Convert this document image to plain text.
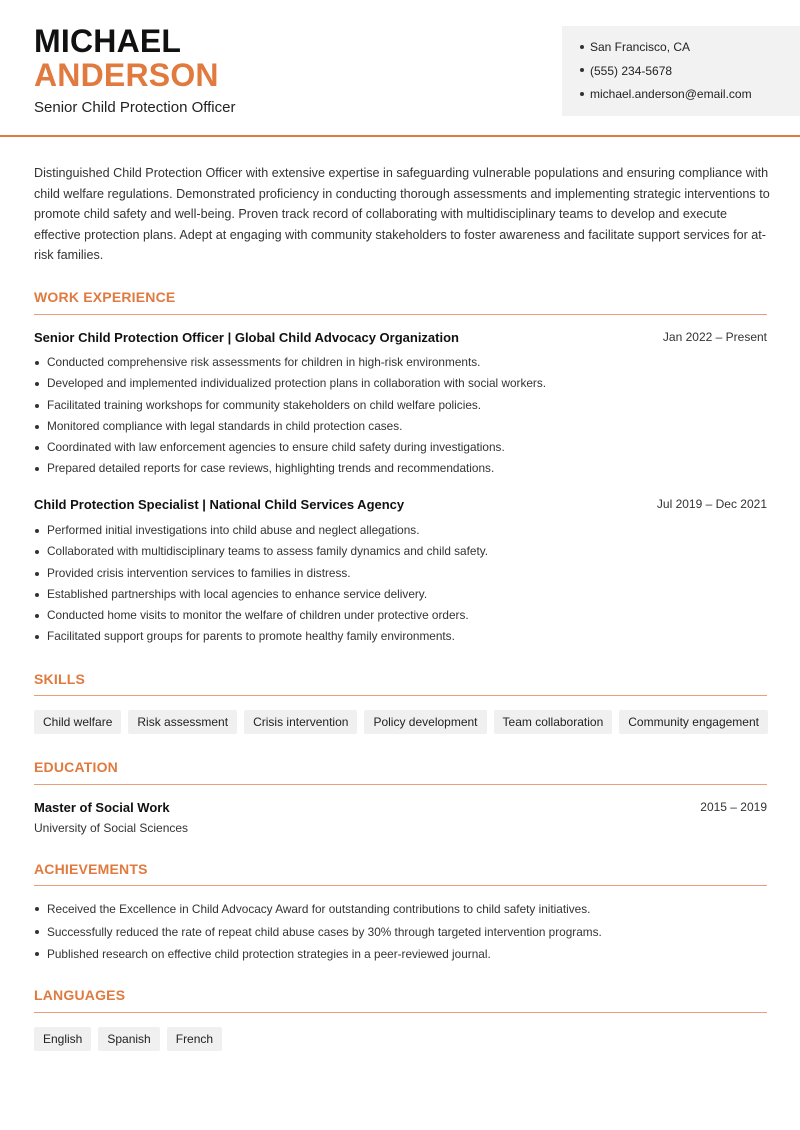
MICHAEL
ANDERSON
Senior Child Protection Officer
San Francisco, CA
(555) 234-5678
michael.anderson@email.com
Distinguished Child Protection Officer with extensive expertise in safeguarding vulnerable populations and ensuring compliance with child welfare regulations. Demonstrated proficiency in conducting thorough assessments and implementing strategic interventions to promote child safety and well-being. Proven track record of collaborating with multidisciplinary teams to develop and execute effective protection plans. Adept at engaging with community stakeholders to foster awareness and facilitate support services for at-risk families.
WORK EXPERIENCE
Senior Child Protection Officer | Global Child Advocacy Organization	Jan 2022 – Present
Conducted comprehensive risk assessments for children in high-risk environments.
Developed and implemented individualized protection plans in collaboration with social workers.
Facilitated training workshops for community stakeholders on child welfare policies.
Monitored compliance with legal standards in child protection cases.
Coordinated with law enforcement agencies to ensure child safety during investigations.
Prepared detailed reports for case reviews, highlighting trends and recommendations.
Child Protection Specialist | National Child Services Agency	Jul 2019 – Dec 2021
Performed initial investigations into child abuse and neglect allegations.
Collaborated with multidisciplinary teams to assess family dynamics and child safety.
Provided crisis intervention services to families in distress.
Established partnerships with local agencies to enhance service delivery.
Conducted home visits to monitor the welfare of children under protective orders.
Facilitated support groups for parents to promote healthy family environments.
SKILLS
Child welfare	Risk assessment	Crisis intervention	Policy development	Team collaboration	Community engagement
EDUCATION
Master of Social Work	2015 – 2019
University of Social Sciences
ACHIEVEMENTS
Received the Excellence in Child Advocacy Award for outstanding contributions to child safety initiatives.
Successfully reduced the rate of repeat child abuse cases by 30% through targeted intervention programs.
Published research on effective child protection strategies in a peer-reviewed journal.
LANGUAGES
English	Spanish	French
